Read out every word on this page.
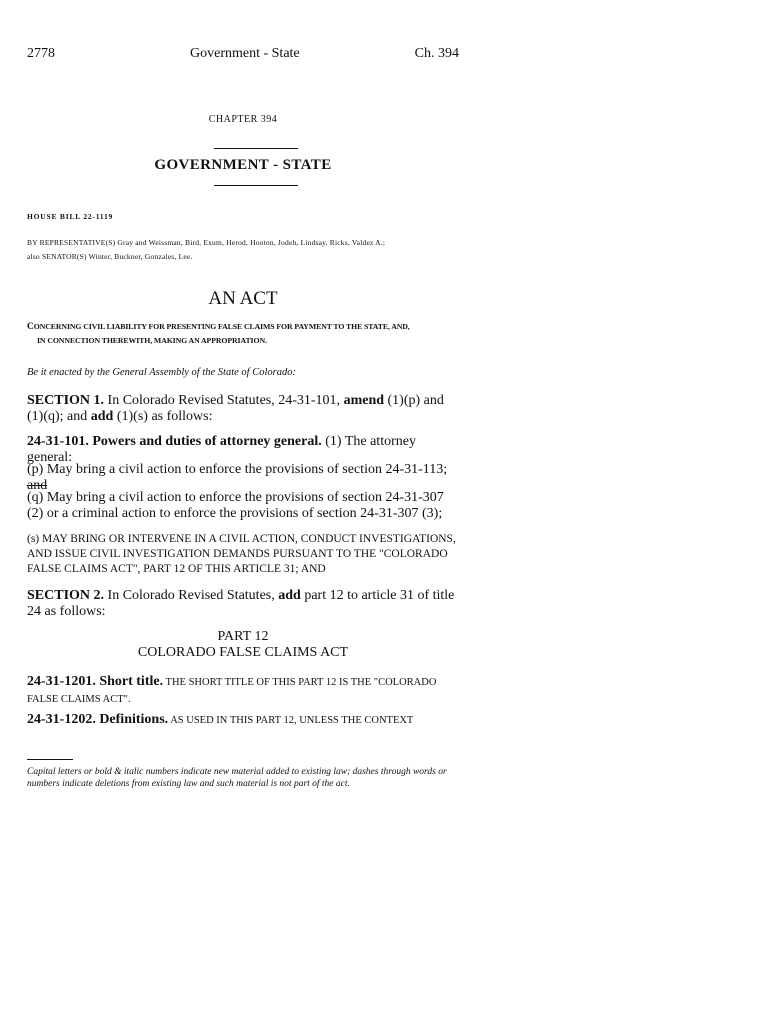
2778	Government - State	Ch. 394
CHAPTER 394
GOVERNMENT - STATE
HOUSE BILL 22-1119
BY REPRESENTATIVE(S) Gray and Weissman, Bird, Exum, Herod, Hooton, Jodeh, Lindsay, Ricks, Valdez A.;
also SENATOR(S) Winter, Buckner, Gonzales, Lee.
AN ACT
CONCERNING CIVIL LIABILITY FOR PRESENTING FALSE CLAIMS FOR PAYMENT TO THE STATE, AND,
IN CONNECTION THEREWITH, MAKING AN APPROPRIATION.
Be it enacted by the General Assembly of the State of Colorado:
SECTION 1. In Colorado Revised Statutes, 24-31-101, amend (1)(p) and (1)(q); and add (1)(s) as follows:
24-31-101. Powers and duties of attorney general. (1) The attorney general:
(p) May bring a civil action to enforce the provisions of section 24-31-113; and
(q) May bring a civil action to enforce the provisions of section 24-31-307 (2) or a criminal action to enforce the provisions of section 24-31-307 (3);
(s) MAY BRING OR INTERVENE IN A CIVIL ACTION, CONDUCT INVESTIGATIONS, AND ISSUE CIVIL INVESTIGATION DEMANDS PURSUANT TO THE "COLORADO FALSE CLAIMS ACT", PART 12 OF THIS ARTICLE 31; AND
SECTION 2. In Colorado Revised Statutes, add part 12 to article 31 of title 24 as follows:
PART 12
COLORADO FALSE CLAIMS ACT
24-31-1201. Short title. THE SHORT TITLE OF THIS PART 12 IS THE "COLORADO FALSE CLAIMS ACT".
24-31-1202. Definitions. AS USED IN THIS PART 12, UNLESS THE CONTEXT
Capital letters or bold & italic numbers indicate new material added to existing law; dashes through words or numbers indicate deletions from existing law and such material is not part of the act.
